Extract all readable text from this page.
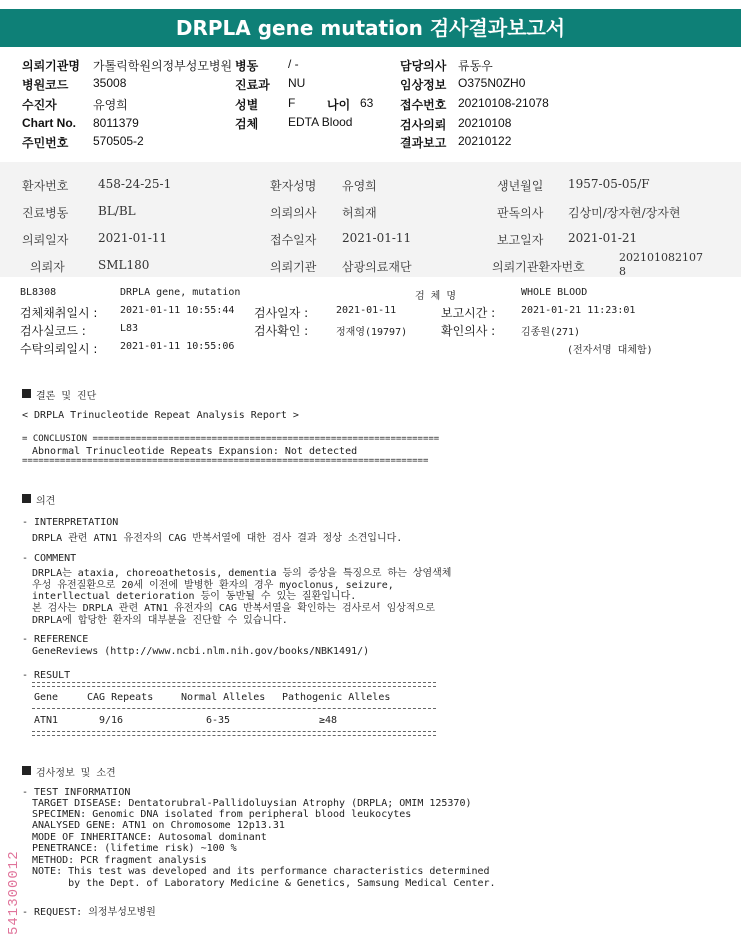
DRPLA gene mutation 검사결과보고서
의뢰기관명 가톨릭학원의정부성모병원 병동 / -	담당의사 류동우
병원코드 35008	진료과 NU	임상정보 O375N0ZH0
수진자	유영희	성별 F	나이 63 접수번호 20210108-21078
Chart No. 8011379	검체 EDTA Blood	검사의뢰 20210108
주민번호 570505-2	결과보고 20210122
환자번호 458-24-25-1	환자성명 유영희	생년월일 1957-05-05/F
진료병동 BL/BL	의뢰의사 허희재	판독의사 김상미/장자현/장자현
의뢰일자 2021-01-11	접수일자 2021-01-11	보고일자 2021-01-21
의뢰자	SML180	의뢰기관 삼광의료재단	의뢰기관환자번호
202101082107
8
BL8308	DRPLA gene, mutation	검 체 명	WHOLE BLOOD
검체채취일시 : 2021-01-11 10:55:44 검사일자 :	2021-01-11	보고시간 :	2021-01-21 11:23:01
검사실코드 :	L83	검사확인 :	정재영(19797)	확인의사 :	김종원(271)
수탁의뢰일시 : 2021-01-11 10:55:06	(전자서명 대체함)
결론 및 진단
< DRPLA Trinucleotide Repeat Analysis Report >
= CONCLUSION ================================================================
Abnormal Trinucleotide Repeats Expansion: Not detected
===========================================================================
의견
- INTERPRETATION
DRPLA 관련 ATN1 유전자의 CAG 반복서열에 대한 검사 결과 정상 소견입니다.
- COMMENT
DRPLA는 ataxia, choreoathetosis, dementia 등의 증상을 특징으로 하는 상염색체
우성 유전질환으로 20세 이전에 발병한 환자의 경우 myoclonus, seizure,
interllectual deterioration 등이 동반될 수 있는 질환입니다.
본 검사는 DRPLA 관련 ATN1 유전자의 CAG 반복서열을 확인하는 검사로서 임상적으로
DRPLA에 합당한 환자의 대부분을 진단할 수 있습니다.
- REFERENCE
GeneReviews (http://www.ncbi.nlm.nih.gov/books/NBK1491/)
- RESULT
Gene	CAG Repeats	Normal Alleles Pathogenic Alleles
ATN1	9/16	6-35	≥48
검사정보 및 소견
- TEST INFORMATION
TARGET DISEASE: Dentatorubral-Pallidoluysian Atrophy (DRPLA; OMIM 125370)
SPECIMEN: Genomic DNA isolated from peripheral blood leukocytes
ANALYSED GENE: ATN1 on Chromosome 12p13.31
MODE OF INHERITANCE: Autosomal dominant
PENETRANCE: (lifetime risk) ~100 %
METHOD: PCR fragment analysis
NOTE: This test was developed and its performance characteristics determined
by the Dept. of Laboratory Medicine & Genetics, Samsung Medical Center.
- REQUEST: 의정부성모병원
541300012
